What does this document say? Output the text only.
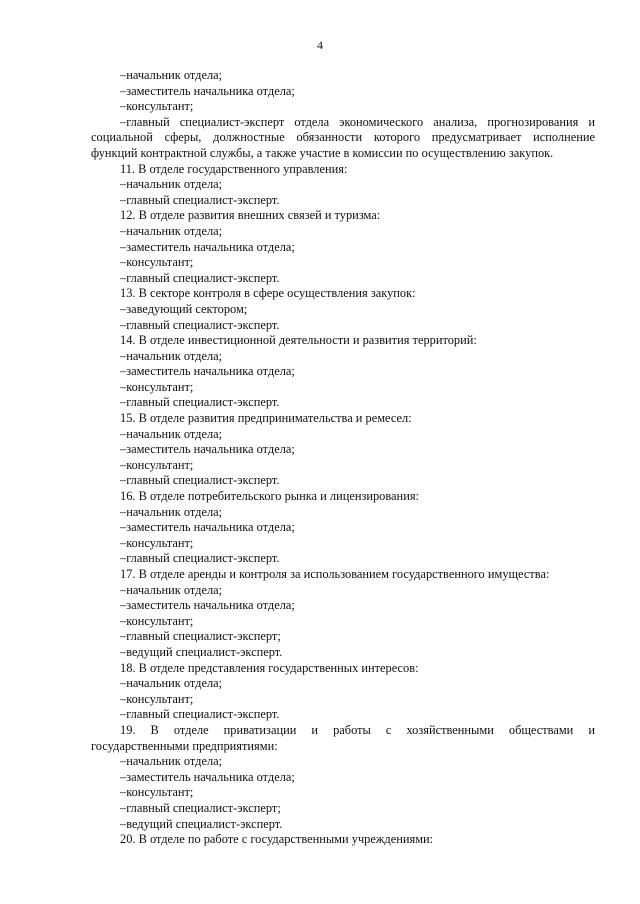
4
–начальник отдела;
–заместитель начальника отдела;
–консультант;
–главный специалист-эксперт отдела экономического анализа, прогнозирования и
социальной сферы, должностные обязанности которого предусматривает исполнение
функций контрактной службы, а также участие в комиссии по осуществлению закупок.
11. В отделе государственного управления:
–начальник отдела;
–главный специалист-эксперт.
12. В отделе развития внешних связей и туризма:
–начальник отдела;
–заместитель начальника отдела;
–консультант;
–главный специалист-эксперт.
13. В секторе контроля в сфере осуществления закупок:
–заведующий сектором;
–главный специалист-эксперт.
14. В отделе инвестиционной деятельности и развития территорий:
–начальник отдела;
–заместитель начальника отдела;
–консультант;
–главный специалист-эксперт.
15. В отделе развития предпринимательства и ремесел:
–начальник отдела;
–заместитель начальника отдела;
–консультант;
–главный специалист-эксперт.
16. В отделе потребительского рынка и лицензирования:
–начальник отдела;
–заместитель начальника отдела;
–консультант;
–главный специалист-эксперт.
17. В отделе аренды и контроля за использованием государственного имущества:
–начальник отдела;
–заместитель начальника отдела;
–консультант;
–главный специалист-эксперт;
–ведущий специалист-эксперт.
18. В отделе представления государственных интересов:
–начальник отдела;
–консультант;
–главный специалист-эксперт.
19. В отделе приватизации и работы с хозяйственными обществами и
государственными предприятиями:
–начальник отдела;
–заместитель начальника отдела;
–консультант;
–главный специалист-эксперт;
–ведущий специалист-эксперт.
20. В отделе по работе с государственными учреждениями:
